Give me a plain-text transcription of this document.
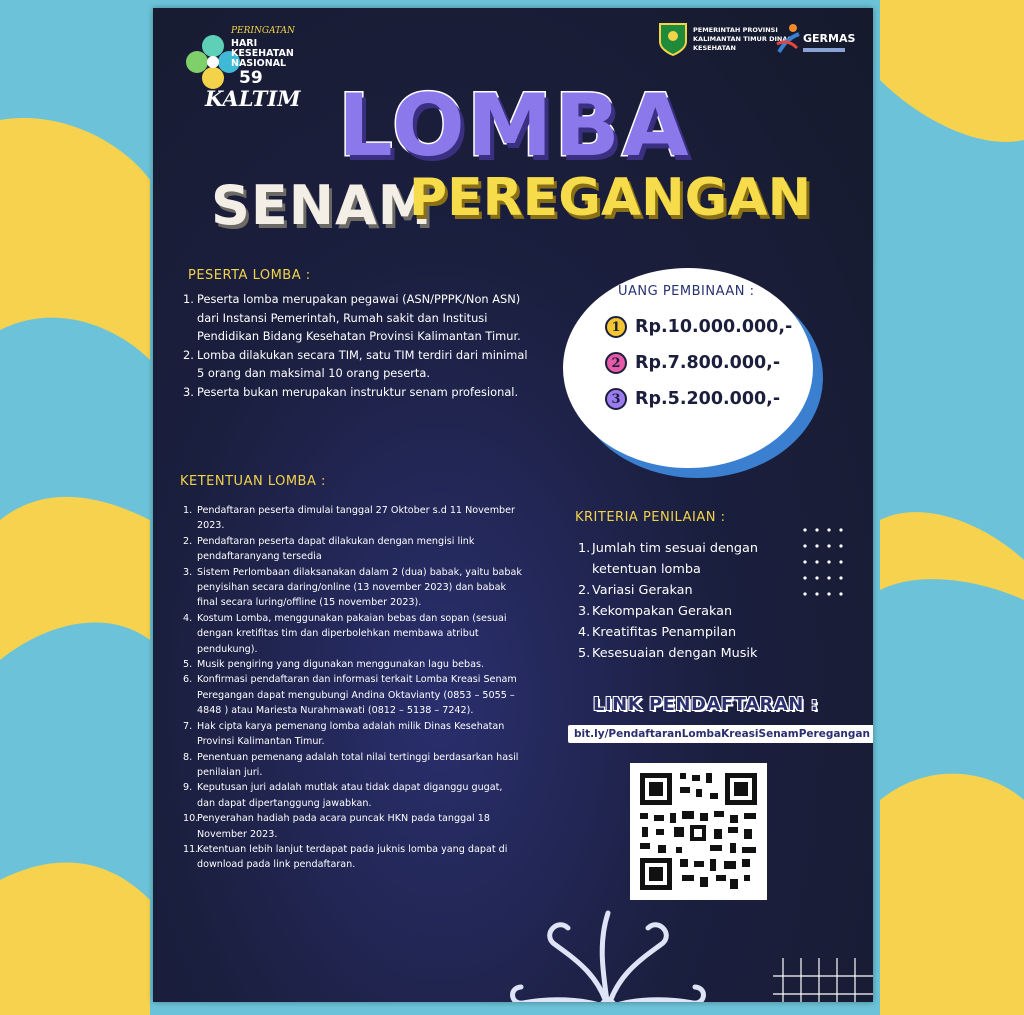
PERINGATAN
HARI KESEHATAN NASIONAL
59
KALTIM
PEMERINTAH PROVINSI KALIMANTAN TIMUR DINAS KESEHATAN
GERMAS
LOMBA
SENAM
PEREGANGAN
PESERTA LOMBA :
1. Peserta lomba merupakan pegawai (ASN/PPPK/Non ASN) dari Instansi Pemerintah, Rumah sakit dan Institusi Pendidikan Bidang Kesehatan Provinsi Kalimantan Timur.
2. Lomba dilakukan secara TIM, satu TIM terdiri dari minimal 5 orang dan maksimal 10 orang peserta.
3. Peserta bukan merupakan instruktur senam profesional.
KETENTUAN LOMBA :
1. Pendaftaran peserta dimulai tanggal 27 Oktober s.d 11 November 2023.
2. Pendaftaran peserta dapat dilakukan dengan mengisi link pendaftaranyang tersedia
3. Sistem Perlombaan dilaksanakan dalam 2 (dua) babak, yaitu babak penyisihan secara daring/online (13 november 2023) dan babak final secara luring/offline (15 november 2023).
4. Kostum Lomba, menggunakan pakaian bebas dan sopan (sesuai dengan kretifitas tim dan diperbolehkan membawa atribut pendukung).
5. Musik pengiring yang digunakan menggunakan lagu bebas.
6. Konfirmasi pendaftaran dan informasi terkait Lomba Kreasi Senam Peregangan dapat mengubungi Andina Oktavianty (0853 – 5055 – 4848 ) atau Mariesta Nurahmawati (0812 – 5138 – 7242).
7. Hak cipta karya pemenang lomba adalah milik Dinas Kesehatan Provinsi Kalimantan Timur.
8. Penentuan pemenang adalah total nilai tertinggi berdasarkan hasil penilaian juri.
9. Keputusan juri adalah mutlak atau tidak dapat diganggu gugat, dan dapat dipertanggung jawabkan.
10.
Penyerahan hadiah pada acara puncak HKN pada tanggal 18 November 2023.
11.
Ketentuan lebih lanjut terdapat pada juknis lomba yang dapat di download pada link pendaftaran.
UANG PEMBINAAN :
1 Rp.10.000.000,-
2 Rp.7.800.000,-
3 Rp.5.200.000,-
KRITERIA PENILAIAN :
1. Jumlah tim sesuai dengan ketentuan lomba
2. Variasi Gerakan
3. Kekompakan Gerakan
4. Kreatifitas Penampilan
5. Kesesuaian dengan Musik
LINK PENDAFTARAN :
bit.ly/PendaftaranLombaKreasiSenamPeregangan
